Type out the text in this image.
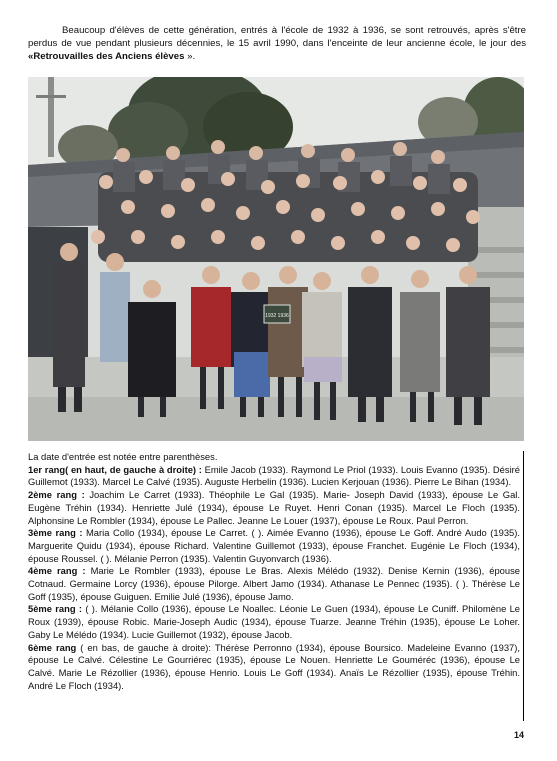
Beaucoup d'élèves de cette génération, entrés à l'école de 1932 à 1936, se sont retrouvés, après s'être perdus de vue pendant plusieurs décennies, le 15 avril 1990, dans l'enceinte de leur ancienne école, le jour des «Retrouvailles des Anciens élèves ».
1932 1936

La date d'entrée est notée entre parenthèses.

1er rang( en haut, de gauche à droite) : Emile Jacob (1933). Raymond Le Priol (1933). Louis Evanno (1935). Désiré Guillemot (1933). Marcel Le Calvé (1935). Auguste Herbelin (1936). Lucien Kerjouan (1936). Pierre Le Bihan (1934).

2ème rang : Joachim Le Carret (1933). Théophile Le Gal (1935). Marie- Joseph David (1933), épouse Le Gal. Eugène Tréhin (1934). Henriette Julé (1934), épouse Le Ruyet. Henri Conan (1935). Marcel Le Floch (1935). Alphonsine Le Rombler (1934), épouse Le Pallec. Jeanne Le Louer (1937), épouse Le Roux. Paul Perron.

3ème rang : Maria Collo (1934), épouse Le Carret. ( ). Aimée Evanno (1936), épouse Le Goff. André Audo (1935). Marguerite Quidu (1934), épouse Richard. Valentine Guillemot (1933), épouse Franchet. Eugénie Le Floch (1934), épouse Roussel. ( ). Mélanie Perron (1935). Valentin Guyonvarch (1936).

4ème rang : Marie Le Rombler (1933), épouse Le Bras. Alexis Mélédo (1932). Denise Kernin (1936), épouse Cotnaud. Germaine Lorcy (1936), épouse Pilorge. Albert Jamo (1934). Athanase Le Pennec (1935). ( ). Thérèse Le Goff (1935), épouse Guiguen. Emilie Julé (1936), épouse Jamo.

5ème rang : ( ). Mélanie Collo (1936), épouse Le Noallec. Léonie Le Guen (1934), épouse Le Cuniff. Philomène Le Roux (1939), épouse Robic. Marie-Joseph Audic (1934), épouse Tuarze. Jeanne Tréhin (1935), épouse Le Loher. Gaby Le Mélédo (1934). Lucie Guillemot (1932), épouse Jacob.

6ème rang ( en bas, de gauche à droite): Thérèse Perronno (1934), épouse Boursico. Madeleine Evanno (1937), épouse Le Calvé. Célestine Le Gourriérec (1935), épouse Le Nouen. Henriette Le Gouméréc (1936), épouse Le Calvé. Marie Le Rézollier (1936), épouse Henrio. Louis Le Goff (1934). Anaïs Le Rézollier (1935), épouse Tréhin. André Le Floch (1934).

14
